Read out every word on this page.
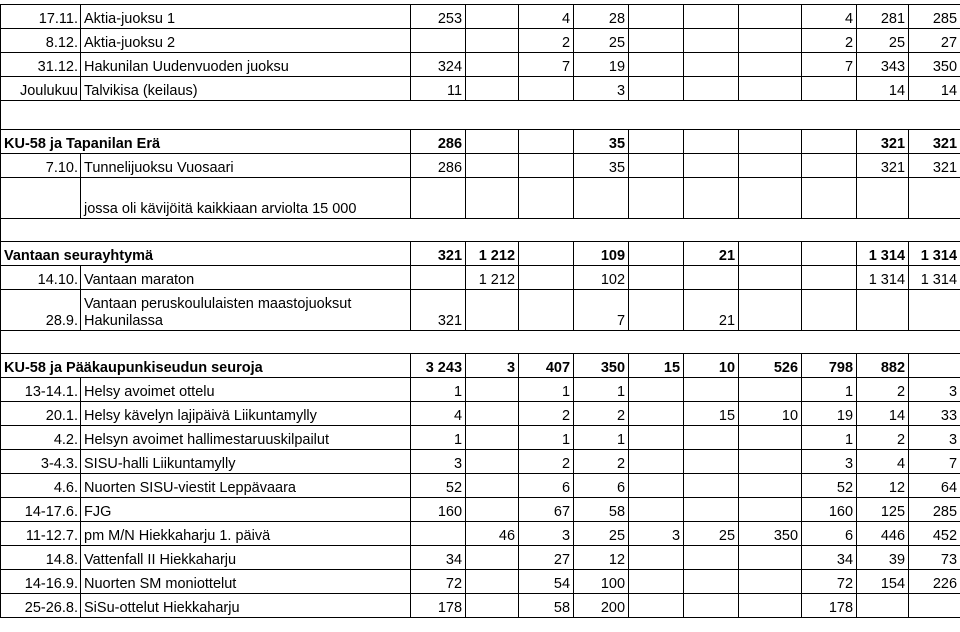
17.11.	Aktia-juoksu 1	253		4	28				4	281	285
8.12.	Aktia-juoksu 2			2	25				2	25	27
31.12.	Hakunilan Uudenvuoden juoksu	324		7	19				7	343	350
Joulukuu	Talvikisa (keilaus)	11			3					14	14

KU-58 ja Tapanilan Erä		286			35					321	321
7.10.	Tunnelijuoksu Vuosaari	286			35					321	321
	jossa oli kävijöitä kaikkiaan arviolta 15 000										

Vantaan seurayhtymä		321	1 212		109		21			1 314	1 314
14.10.	Vantaan maraton		1 212		102					1 314	1 314
28.9.	Vantaan peruskoululaisten maastojuoksut Hakunilassa	321			7		21				

KU-58 ja Pääkaupunkiseudun seuroja		3 243	3	407	350	15	10	526	798	882	
13-14.1.	Helsy avoimet ottelu	1		1	1				1	2	3
20.1.	Helsy kävelyn lajipäivä Liikuntamylly	4		2	2		15	10	19	14	33
4.2.	Helsyn avoimet hallimestaruuskilpailut	1		1	1				1	2	3
3-4.3.	SISU-halli Liikuntamylly	3		2	2				3	4	7
4.6.	Nuorten SISU-viestit Leppävaara	52		6	6				52	12	64
14-17.6.	FJG	160		67	58				160	125	285
11-12.7.	pm M/N Hiekkaharju 1. päivä		46	3	25	3	25	350	6	446	452
14.8.	Vattenfall II Hiekkaharju	34		27	12				34	39	73
14-16.9.	Nuorten SM moniottelut	72		54	100				72	154	226
25-26.8.	SiSu-ottelut Hiekkaharju	178		58	200				178		
